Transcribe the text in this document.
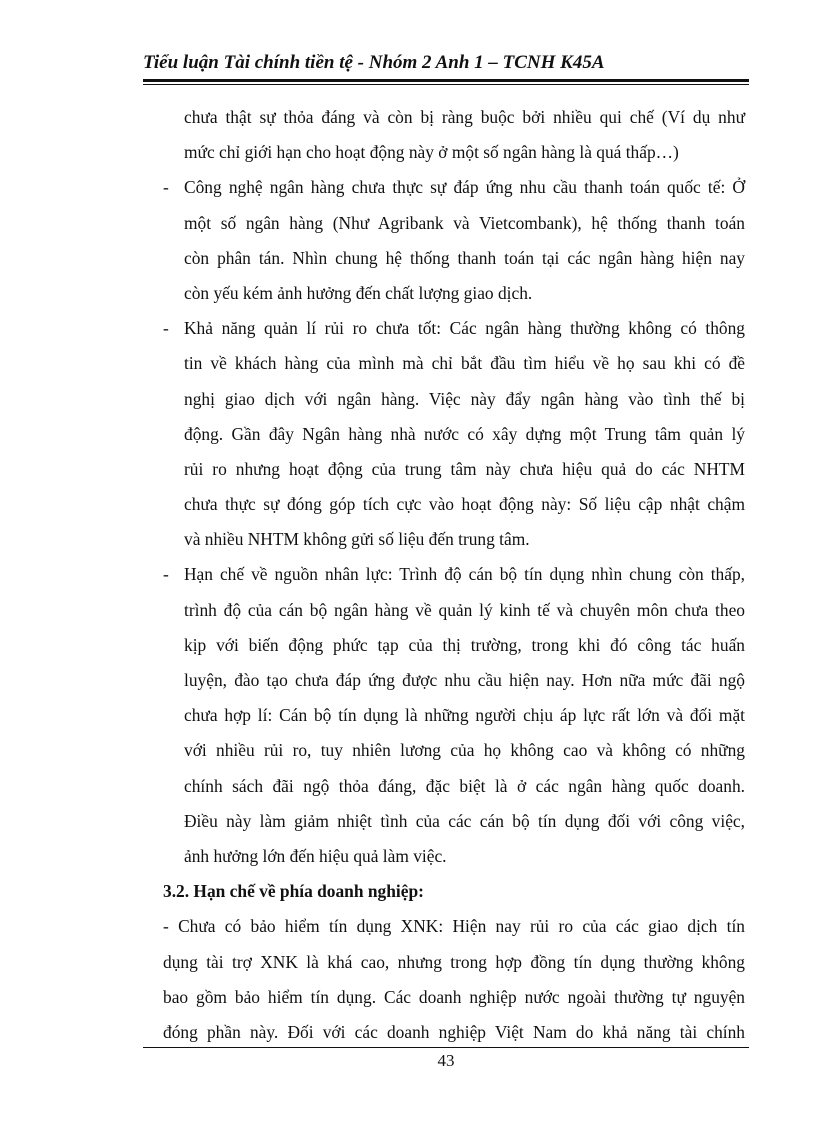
Tiểu luận Tài chính tiền tệ - Nhóm 2 Anh 1 – TCNH K45A
chưa thật sự thỏa đáng và còn bị ràng buộc bởi nhiều qui chế (Ví dụ như
mức chỉ giới hạn cho hoạt động này ở một số ngân hàng là quá thấp…)
- Công nghệ ngân hàng chưa thực sự đáp ứng nhu cầu thanh toán quốc tế: Ở
một số ngân hàng (Như Agribank và Vietcombank), hệ thống thanh toán
còn phân tán. Nhìn chung hệ thống thanh toán tại các ngân hàng hiện nay
còn yếu kém ảnh hưởng đến chất lượng giao dịch.
- Khả năng quản lí rủi ro chưa tốt: Các ngân hàng thường không có thông
tin về khách hàng của mình mà chỉ bắt đầu tìm hiểu về họ sau khi có đề
nghị giao dịch với ngân hàng. Việc này đẩy ngân hàng vào tình thế bị
động. Gần đây Ngân hàng nhà nước có xây dựng một Trung tâm quản lý
rủi ro nhưng hoạt động của trung tâm này chưa hiệu quả do các NHTM
chưa thực sự đóng góp tích cực vào hoạt động này: Số liệu cập nhật chậm
và nhiều NHTM không gửi số liệu đến trung tâm.
- Hạn chế về nguồn nhân lực: Trình độ cán bộ tín dụng nhìn chung còn thấp,
trình độ của cán bộ ngân hàng về quản lý kinh tế và chuyên môn chưa theo
kịp với biến động phức tạp của thị trường, trong khi đó công tác huấn
luyện, đào tạo chưa đáp ứng được nhu cầu hiện nay. Hơn nữa mức đãi ngộ
chưa hợp lí: Cán bộ tín dụng là những người chịu áp lực rất lớn và đối mặt
với nhiều rủi ro, tuy nhiên lương của họ không cao và không có những
chính sách đãi ngộ thỏa đáng, đặc biệt là ở các ngân hàng quốc doanh.
Điều này làm giảm nhiệt tình của các cán bộ tín dụng đối với công việc,
ảnh hưởng lớn đến hiệu quả làm việc.
3.2. Hạn chế về phía doanh nghiệp:
- Chưa có bảo hiểm tín dụng XNK: Hiện nay rủi ro của các giao dịch tín
dụng tài trợ XNK là khá cao, nhưng trong hợp đồng tín dụng thường không
bao gồm bảo hiểm tín dụng. Các doanh nghiệp nước ngoài thường tự nguyện
đóng phần này. Đối với các doanh nghiệp Việt Nam do khả năng tài chính
43
